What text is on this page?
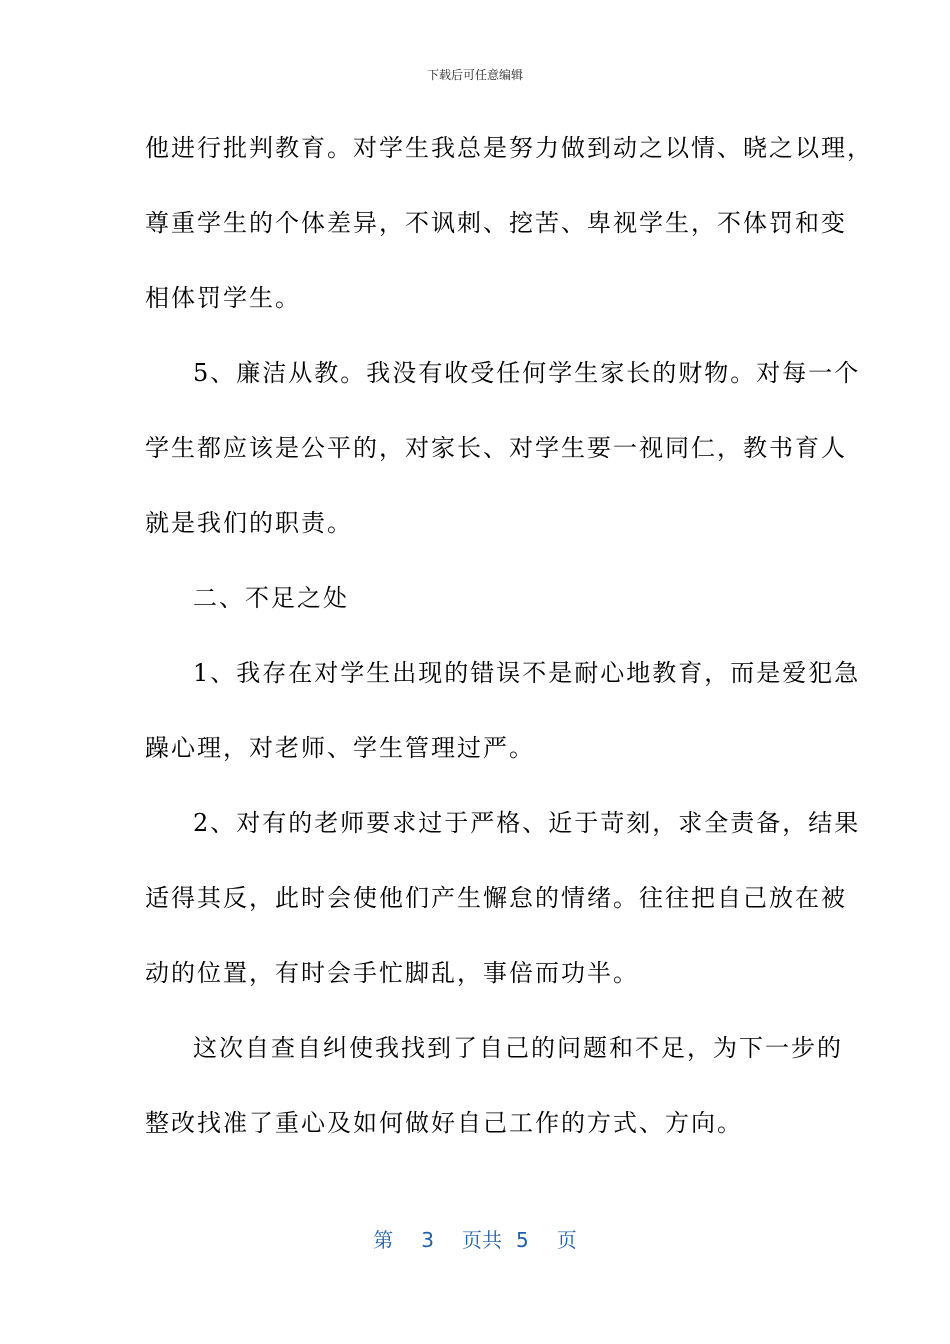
下载后可任意编辑
他进行批判教育。对学生我总是努力做到动之以情、晓之以理，
尊重学生的个体差异，不讽刺、挖苦、卑视学生，不体罚和变
相体罚学生。
5、廉洁从教。我没有收受任何学生家长的财物。对每一个
学生都应该是公平的，对家长、对学生要一视同仁，教书育人
就是我们的职责。
二、不足之处
1、我存在对学生出现的错误不是耐心地教育，而是爱犯急
躁心理，对老师、学生管理过严。
2、对有的老师要求过于严格、近于苛刻，求全责备，结果
适得其反，此时会使他们产生懈怠的情绪。往往把自己放在被
动的位置，有时会手忙脚乱，事倍而功半。
这次自查自纠使我找到了自己的问题和不足，为下一步的
整改找准了重心及如何做好自己工作的方式、方向。
第 3 页共 5 页
